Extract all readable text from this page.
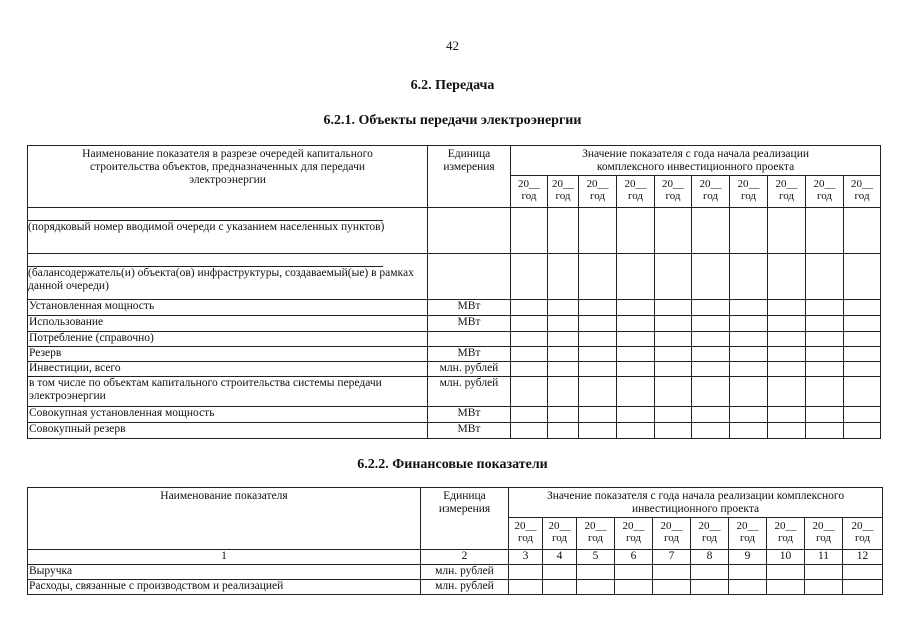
42
6.2. Передача
6.2.1. Объекты передачи электроэнергии
Наименование показателя в разрезе очередей капитального строительства объектов, предназначенных для передачи электроэнергии	Единица измерения	Значение показателя с года начала реализации комплексного инвестиционного проекта									
		20__ год	20__ год	20__ год	20__ год	20__ год	20__ год	20__ год	20__ год	20__ год	20__ год

(порядковый номер вводимой очереди с указанием населенных пунктов)											

(балансодержатель(и) объекта(ов) инфраструктуры, создаваемый(ые) в рамках данной очереди)											

Установленная мощность	МВт										
Использование	МВт										
Потребление (справочно)											
Резерв	МВт										
Инвестиции, всего	млн. рублей										
в том числе по объектам капитального строительства системы передачи электроэнергии	млн. рублей										
Совокупная установленная мощность	МВт										
Совокупный резерв	МВт										
6.2.2. Финансовые показатели
Наименование показателя	Единица измерения	Значение показателя с года начала реализации комплексного инвестиционного проекта									
		20__ год	20__ год	20__ год	20__ год	20__ год	20__ год	20__ год	20__ год	20__ год	20__ год
1	2	3	4	5	6	7	8	9	10	11	12
Выручка	млн. рублей										
Расходы, связанные с производством и реализацией	млн. рублей										
